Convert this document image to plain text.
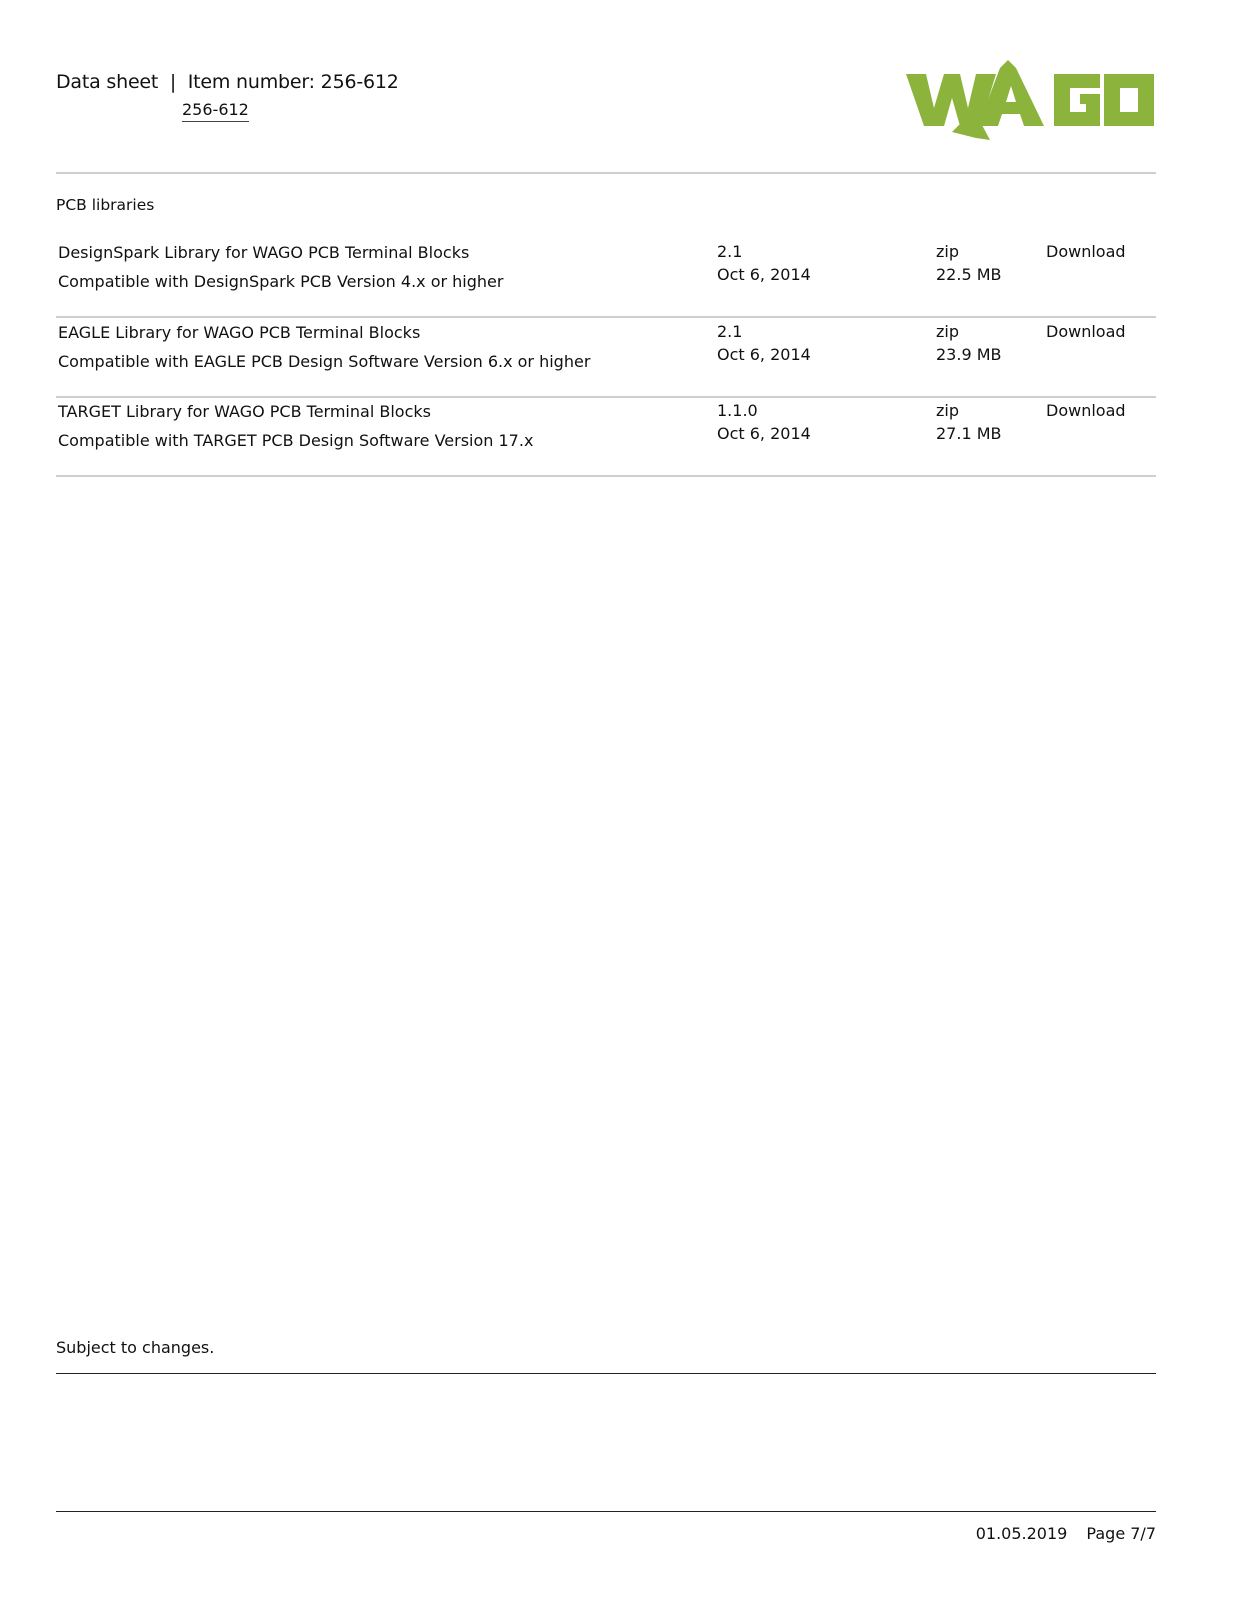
Data sheet  |  Item number: 256-612
256-612
PCB libraries
DesignSpark Library for WAGO PCB Terminal Blocks
Compatible with DesignSpark PCB Version 4.x or higher
2.1
Oct 6, 2014
zip
22.5 MB
Download
EAGLE Library for WAGO PCB Terminal Blocks
Compatible with EAGLE PCB Design Software Version 6.x or higher
2.1
Oct 6, 2014
zip
23.9 MB
Download
TARGET Library for WAGO PCB Terminal Blocks
Compatible with TARGET PCB Design Software Version 17.x
1.1.0
Oct 6, 2014
zip
27.1 MB
Download
Subject to changes.
01.05.2019 Page 7/7
